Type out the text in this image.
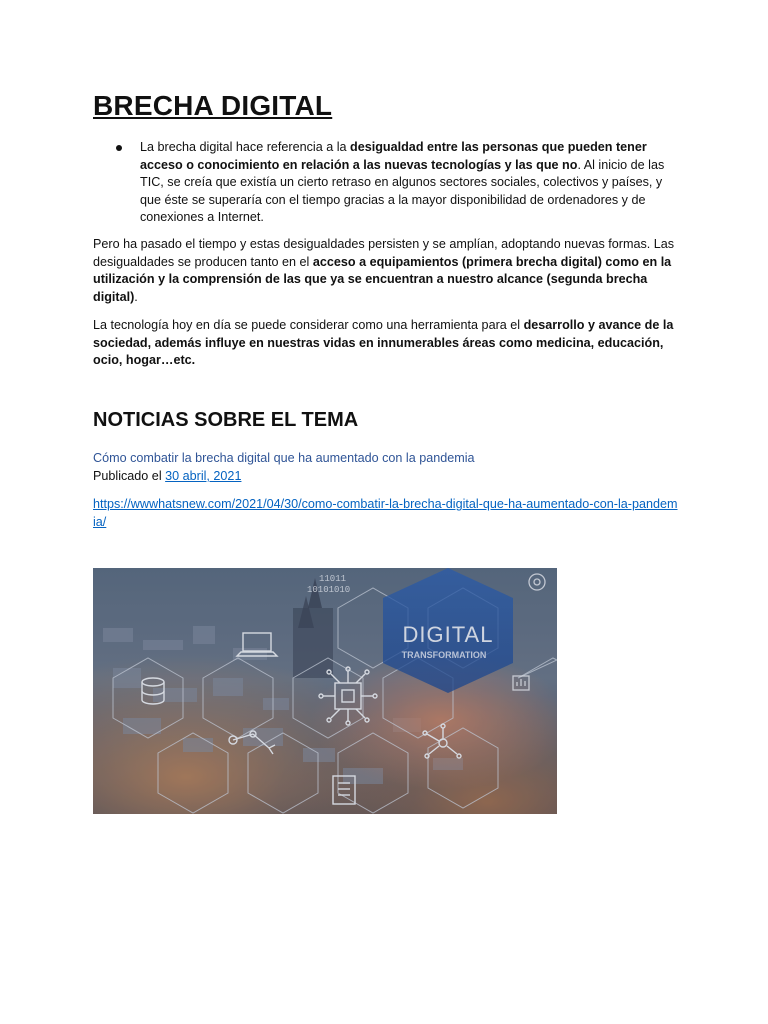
BRECHA DIGITAL
La brecha digital hace referencia a la desigualdad entre las personas que pueden tener acceso o conocimiento en relación a las nuevas tecnologías y las que no. Al inicio de las TIC, se creía que existía un cierto retraso en algunos sectores sociales, colectivos y países, y que éste se superaría con el tiempo gracias a la mayor disponibilidad de ordenadores y de conexiones a Internet.

Pero ha pasado el tiempo y estas desigualdades persisten y se amplían, adoptando nuevas formas. Las desigualdades se producen tanto en el acceso a equipamientos (primera brecha digital) como en la utilización y la comprensión de las que ya se encuentran a nuestro alcance (segunda brecha digital).

La tecnología hoy en día se puede considerar como una herramienta para el desarrollo y avance de la sociedad, además influye en nuestras vidas en innumerables áreas como medicina, educación, ocio, hogar…etc.

NOTICIAS SOBRE EL TEMA
Cómo combatir la brecha digital que ha aumentado con la pandemia
Publicado el 30 abril, 2021
https://wwwhatsnew.com/2021/04/30/como-combatir-la-brecha-digital-que-ha-aumentado-con-la-pandemia/
DIGITAL
TRANSFORMATION
11011
10101010
